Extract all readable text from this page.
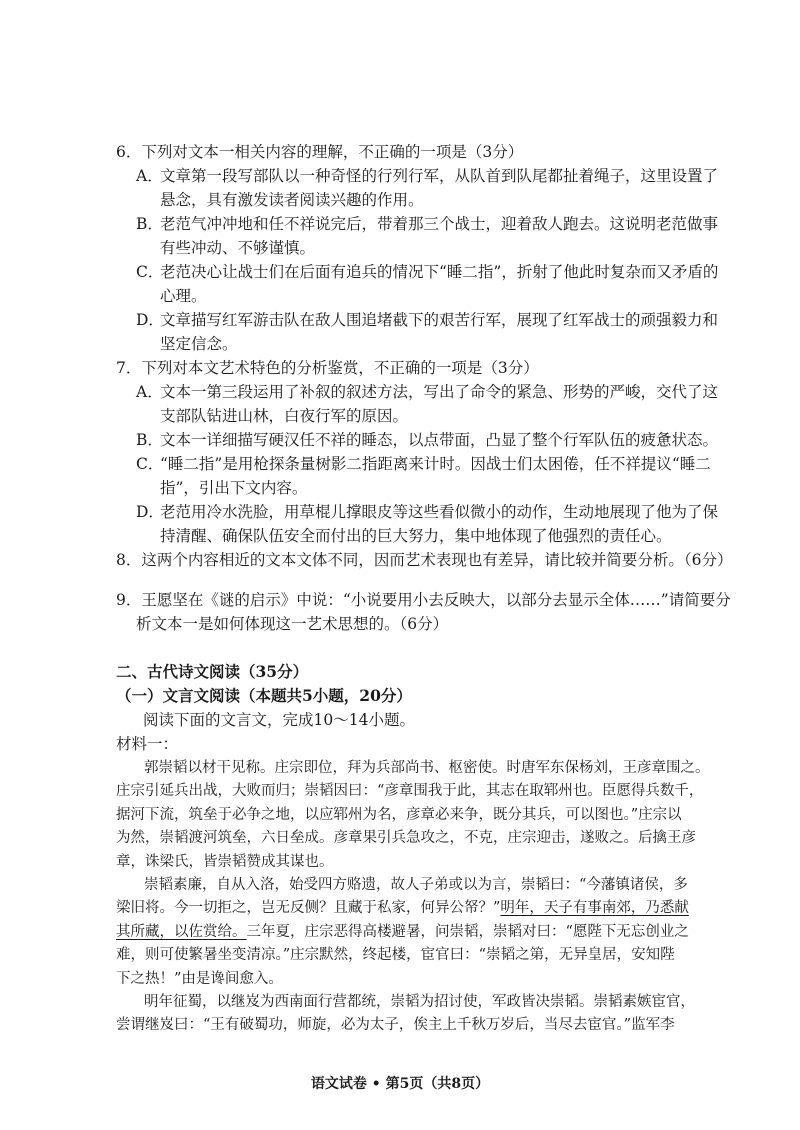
6．下列对文本一相关内容的理解，不正确的一项是（3分）
A．文章第一段写部队以一种奇怪的行列行军，从队首到队尾都扯着绳子，这里设置了
悬念，具有激发读者阅读兴趣的作用。
B．老范气冲冲地和任不祥说完后，带着那三个战士，迎着敌人跑去。这说明老范做事
有些冲动、不够谨慎。
C．老范决心让战士们在后面有追兵的情况下“睡二指”，折射了他此时复杂而又矛盾的
心理。
D．文章描写红军游击队在敌人围追堵截下的艰苦行军，展现了红军战士的顽强毅力和
坚定信念。
7．下列对本文艺术特色的分析鉴赏，不正确的一项是（3分）
A．文本一第三段运用了补叙的叙述方法，写出了命令的紧急、形势的严峻，交代了这
支部队钻进山林，白夜行军的原因。
B．文本一详细描写硬汉任不祥的睡态，以点带面，凸显了整个行军队伍的疲惫状态。
C．“睡二指”是用枪探条量树影二指距离来计时。因战士们太困倦，任不祥提议“睡二
指”，引出下文内容。
D．老范用冷水洗脸，用草棍儿撑眼皮等这些看似微小的动作，生动地展现了他为了保
持清醒、确保队伍安全而付出的巨大努力，集中地体现了他强烈的责任心。
8．这两个内容相近的文本文体不同，因而艺术表现也有差异，请比较并简要分析。（6分）
9．王愿坚在《谜的启示》中说：“小说要用小去反映大，以部分去显示全体……”请简要分
析文本一是如何体现这一艺术思想的。（6分）
二、古代诗文阅读（35分）
（一）文言文阅读（本题共5小题，20分）
阅读下面的文言文，完成10～14小题。
材料一：
郭崇韬以材干见称。庄宗即位，拜为兵部尚书、枢密使。时唐军东保杨刘，王彦章围之。
庄宗引延兵出战，大败而归；崇韬因曰：“彦章围我于此，其志在取郓州也。臣愿得兵数千，
据河下流，筑垒于必争之地，以应郓州为名，彦章必来争，既分其兵，可以图也。”庄宗以
为然，崇韬渡河筑垒，六日垒成。彦章果引兵急攻之，不克，庄宗迎击，遂败之。后擒王彦
章，诛梁氏，皆崇韬赞成其谋也。
崇韬素廉，自从入洛，始受四方赂遗，故人子弟或以为言，崇韬曰：“今藩镇诸侯，多
梁旧将。今一切拒之，岂无反侧？且藏于私家，何异公帑？”明年，天子有事南郊，乃悉献
其所藏，以佐赏给。三年夏，庄宗恶得高楼避暑，问崇韬，崇韬对曰：“愿陛下无忘创业之
难，则可使繁暑坐变清凉。”庄宗默然，终起楼，宦官曰：“崇韬之第，无异皇居，安知陛
下之热！”由是谗间愈入。
明年征蜀，以继岌为西南面行营都统，崇韬为招讨使，军政皆决崇韬。崇韬素嫉宦官，
尝谓继岌曰：“王有破蜀功，师旋，必为太子，俟主上千秋万岁后，当尽去宦官。”监军李
语文试卷 • 第5页（共8页）
